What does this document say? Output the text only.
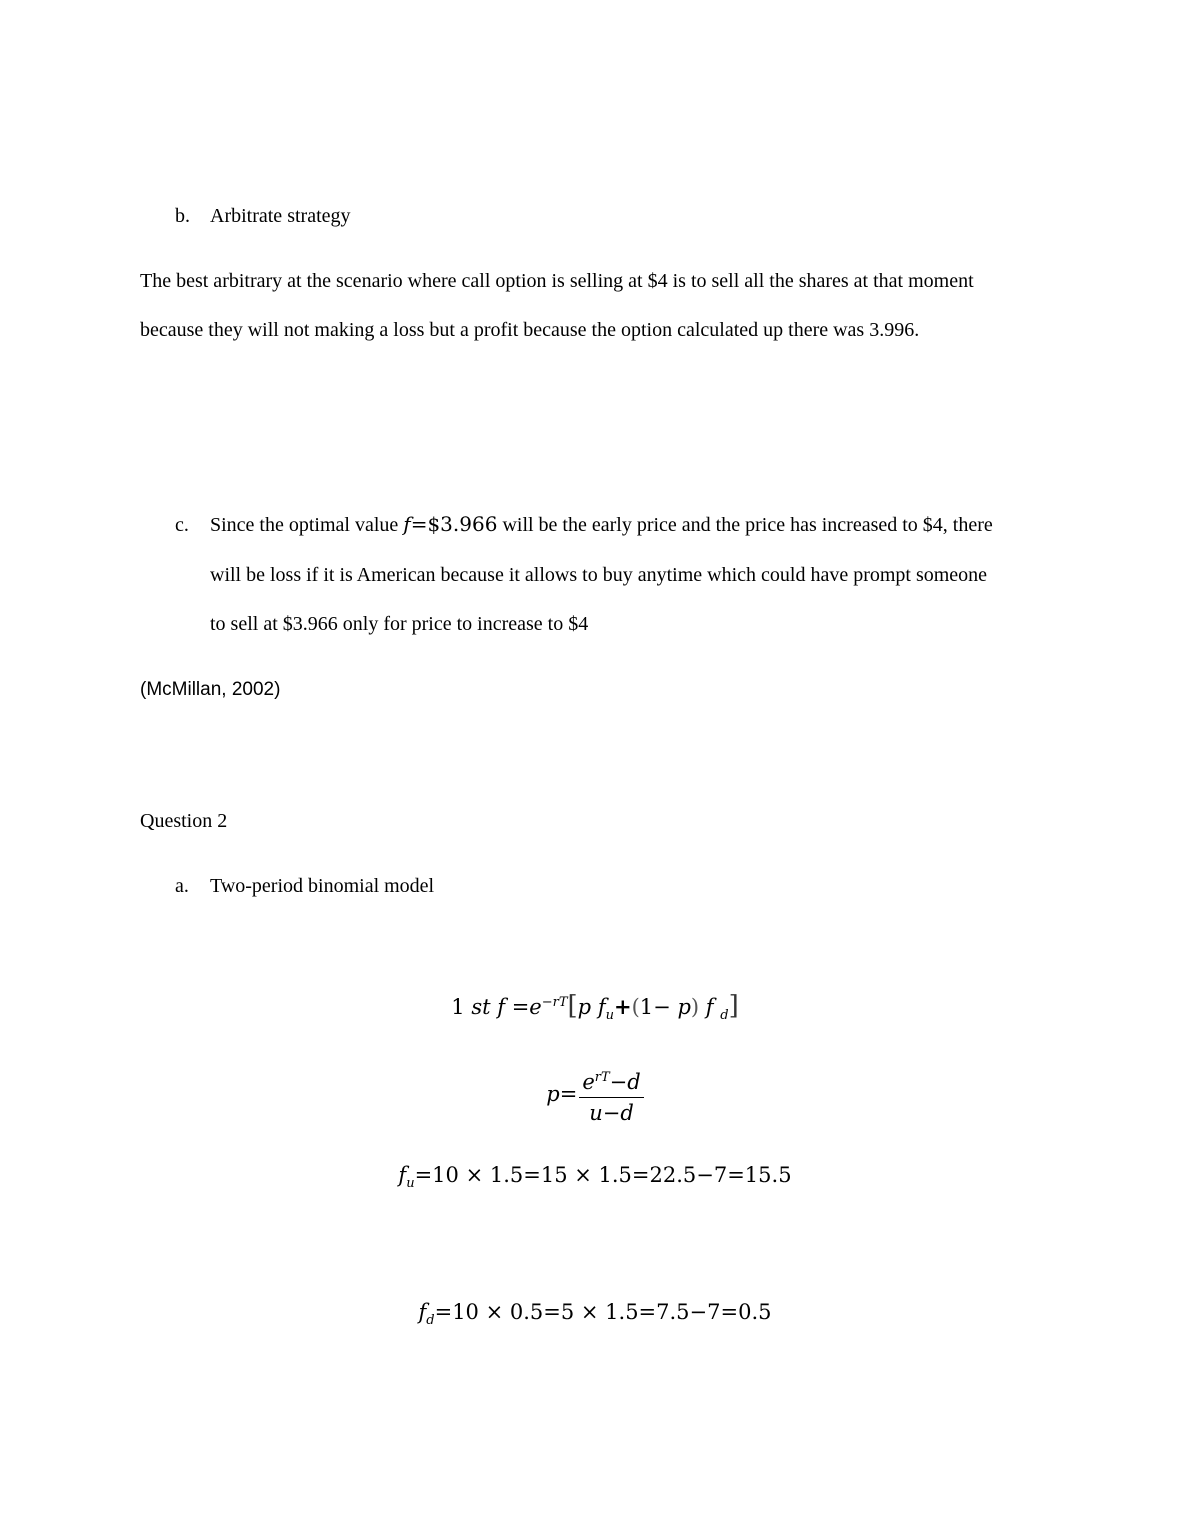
b. Arbitrate strategy
The best arbitrary at the scenario where call option is selling at $4 is to sell all the shares at that moment
because they will not making a loss but a profit because the option calculated up there was 3.996.
c. Since the optimal value f=$3.966 will be the early price and the price has increased to $4, there
will be loss if it is American because it allows to buy anytime which could have prompt someone
to sell at $3.966 only for price to increase to $4
(McMillan, 2002)
Question 2
a. Two-period binomial model
1 st $f =e^{-rT}[p$ $f_u+(1- p)$ f $_d$]
$p= \frac{e^{rT}-d}{u-d}$
$f_u=10 \times 1.5=15 \times 1.5=22.5-7=15.5$
$f_d=10 \times 0.5=5 \times 1.5=7.5-7=0.5$
